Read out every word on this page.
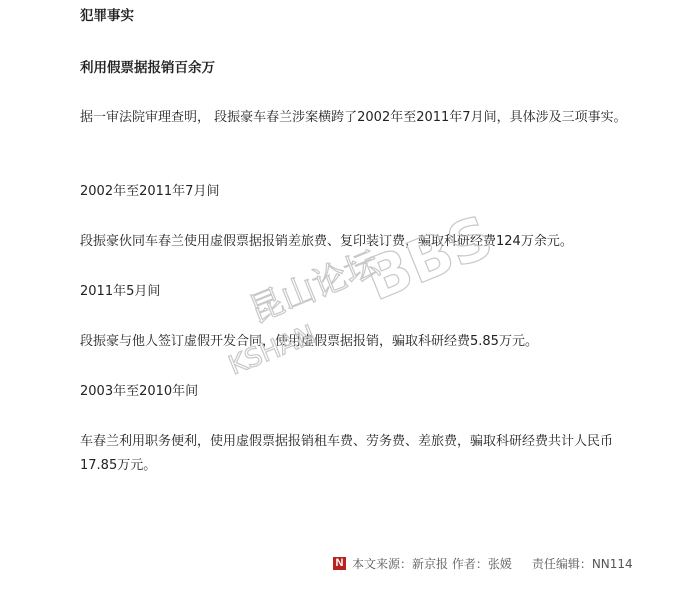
犯罪事实

利用假票据报销百余万

据一审法院审理查明， 段振豪车春兰涉案横跨了2002年至2011年7月间，具体涉及三项事实。

2002年至2011年7月间

段振豪伙同车春兰使用虚假票据报销差旅费、复印装订费，骗取科研经费124万余元。

2011年5月间

段振豪与他人签订虚假开发合同，使用虚假票据报销，骗取科研经费5.85万元。

2003年至2010年间

车春兰利用职务便利，使用虚假票据报销租车费、劳务费、差旅费，骗取科研经费共计人民币17.85万元。

昆山论坛
KSHAN
BBS
N 本文来源：新京报 作者：张媛 责任编辑：NN114
